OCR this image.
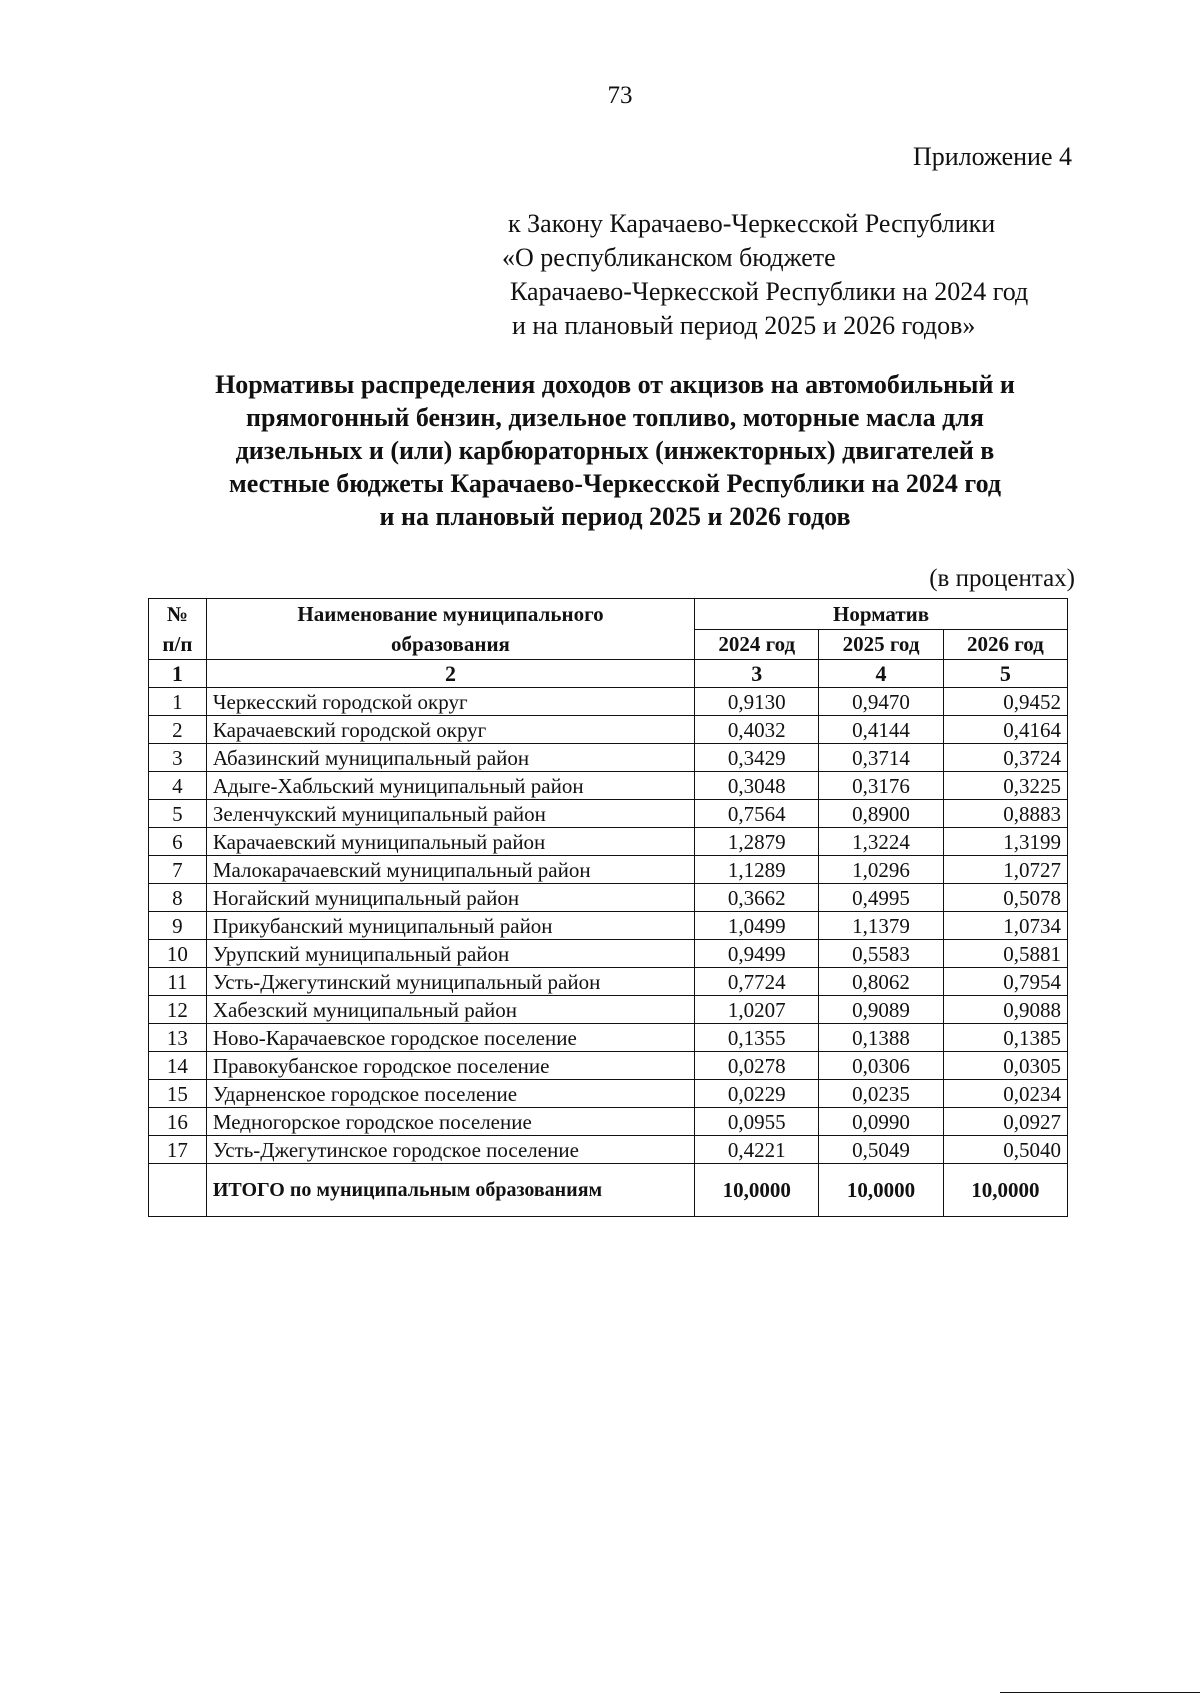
73
Приложение 4
к Закону Карачаево-Черкесской Республики
«О республиканском бюджете
Карачаево-Черкесской Республики на 2024 год
и на плановый период 2025 и 2026 годов»
Нормативы распределения доходов от акцизов на автомобильный и
прямогонный бензин, дизельное топливо, моторные масла для
дизельных и (или) карбюраторных (инжекторных) двигателей в
местные бюджеты Карачаево-Черкесской Республики на 2024 год
и на плановый период 2025 и 2026 годов
(в процентах)
№
п/п	Наименование муниципального образования	Норматив		
		2024 год	2025 год	2026 год
1	2	3	4	5
1	Черкесский городской округ	0,9130	0,9470	0,9452
2	Карачаевский городской округ	0,4032	0,4144	0,4164
3	Абазинский муниципальный район	0,3429	0,3714	0,3724
4	Адыге-Хабльский муниципальный район	0,3048	0,3176	0,3225
5	Зеленчукский муниципальный район	0,7564	0,8900	0,8883
6	Карачаевский муниципальный район	1,2879	1,3224	1,3199
7	Малокарачаевский муниципальный район	1,1289	1,0296	1,0727
8	Ногайский муниципальный район	0,3662	0,4995	0,5078
9	Прикубанский муниципальный район	1,0499	1,1379	1,0734
10	Урупский муниципальный район	0,9499	0,5583	0,5881
11	Усть-Джегутинский муниципальный район	0,7724	0,8062	0,7954
12	Хабезский муниципальный район	1,0207	0,9089	0,9088
13	Ново-Карачаевское городское поселение	0,1355	0,1388	0,1385
14	Правокубанское городское поселение	0,0278	0,0306	0,0305
15	Ударненское городское поселение	0,0229	0,0235	0,0234
16	Медногорское городское поселение	0,0955	0,0990	0,0927
17	Усть-Джегутинское городское поселение	0,4221	0,5049	0,5040
	ИТОГО по муниципальным образованиям	10,0000	10,0000	10,0000
